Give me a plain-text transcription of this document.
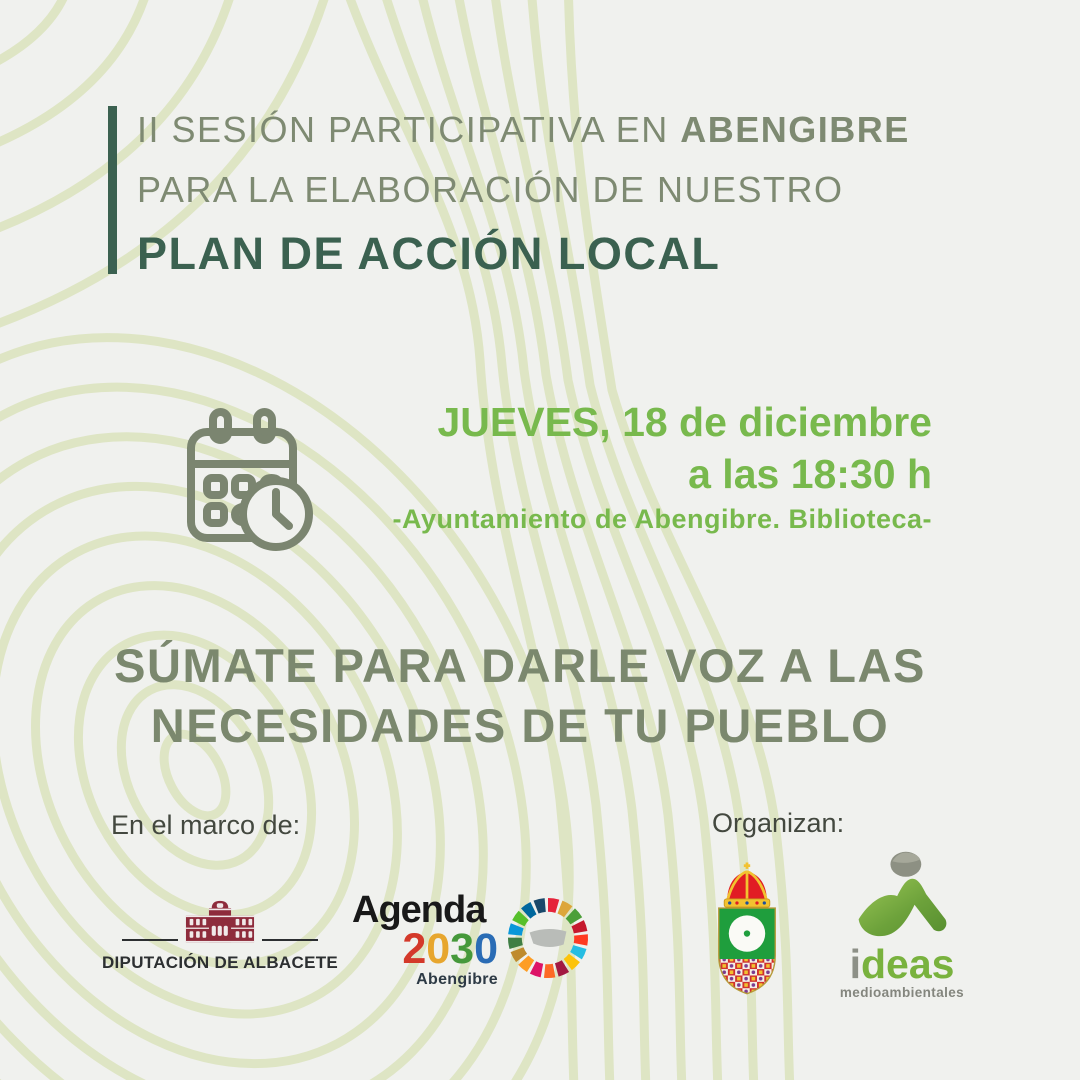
II SESIÓN PARTICIPATIVA EN ABENGIBRE
PARA LA ELABORACIÓN DE NUESTRO
PLAN DE ACCIÓN LOCAL
JUEVES, 18 de diciembre
a las 18:30 h
-Ayuntamiento de Abengibre. Biblioteca-
SÚMATE PARA DARLE VOZ A LAS
NECESIDADES DE TU PUEBLO
En el marco de:	Organizan:
DIPUTACIÓN DE ALBACETE
Agenda
2030
Abengibre	ideas
medioambientales
